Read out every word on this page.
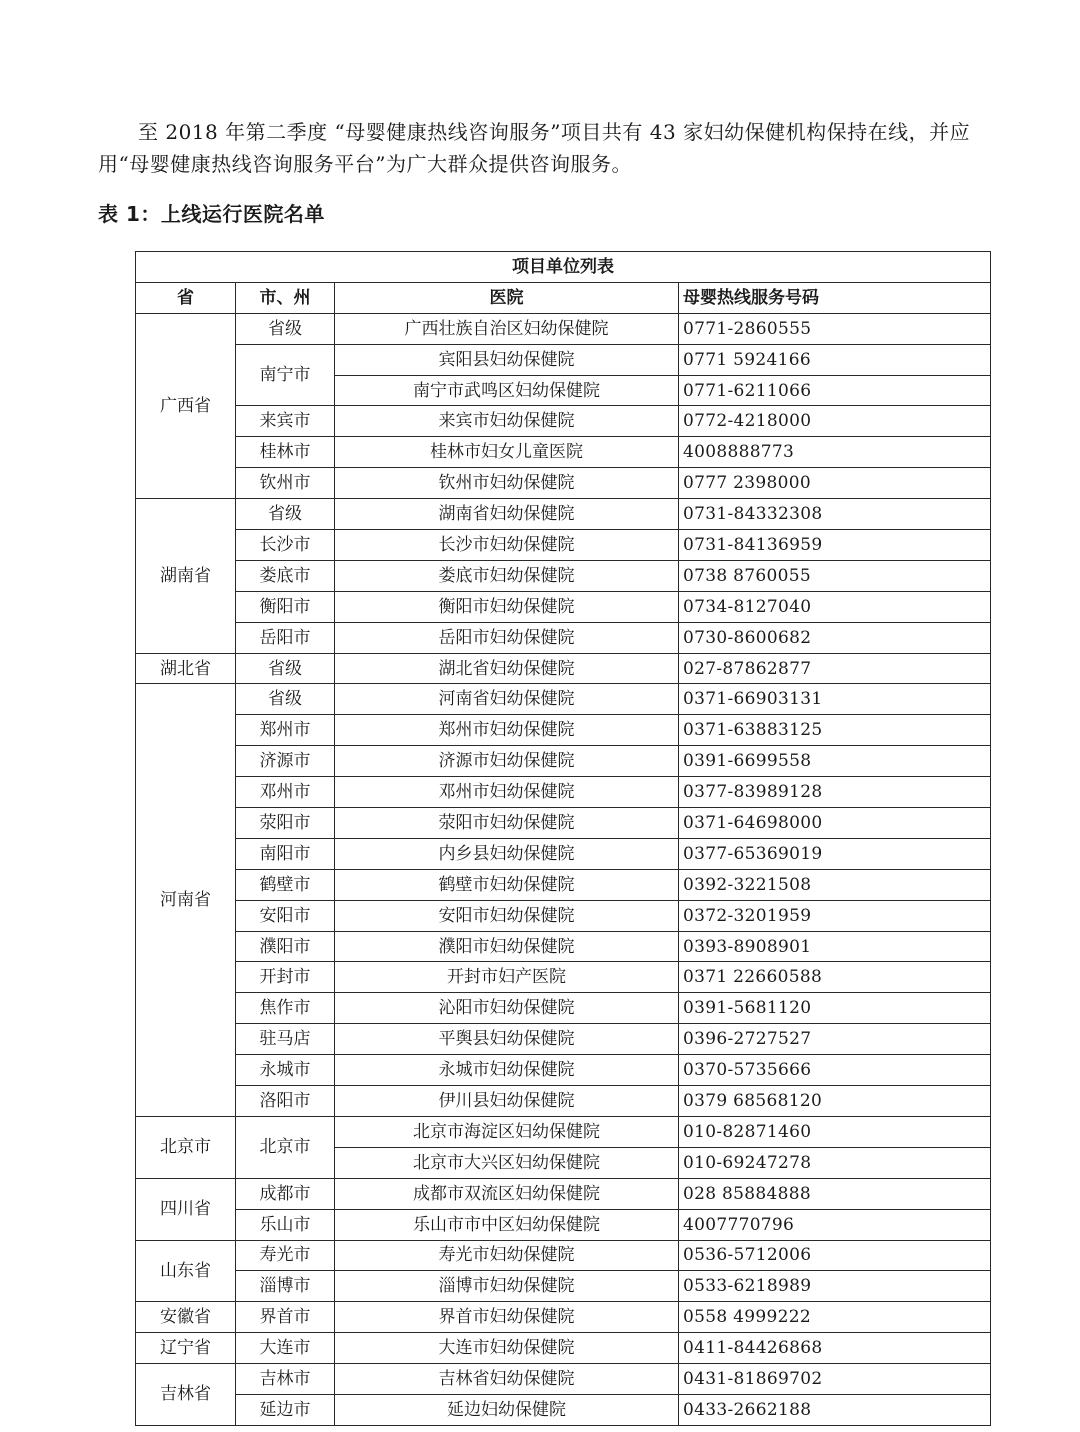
至 2018 年第二季度 “母婴健康热线咨询服务”项目共有 43 家妇幼保健机构保持在线，并应用“母婴健康热线咨询服务平台”为广大群众提供咨询服务。

表 1：上线运行医院名单

项目单位列表			
省	市、州	医院	母婴热线服务号码
广西省	省级	广西壮族自治区妇幼保健院	0771-2860555
	南宁市	宾阳县妇幼保健院	0771 5924166
		南宁市武鸣区妇幼保健院	0771-6211066
	来宾市	来宾市妇幼保健院	0772-4218000
	桂林市	桂林市妇女儿童医院	4008888773
	钦州市	钦州市妇幼保健院	0777 2398000
湖南省	省级	湖南省妇幼保健院	0731-84332308
	长沙市	长沙市妇幼保健院	0731-84136959
	娄底市	娄底市妇幼保健院	0738 8760055
	衡阳市	衡阳市妇幼保健院	0734-8127040
	岳阳市	岳阳市妇幼保健院	0730-8600682
湖北省	省级	湖北省妇幼保健院	027-87862877
河南省	省级	河南省妇幼保健院	0371-66903131
	郑州市	郑州市妇幼保健院	0371-63883125
	济源市	济源市妇幼保健院	0391-6699558
	邓州市	邓州市妇幼保健院	0377-83989128
	荥阳市	荥阳市妇幼保健院	0371-64698000
	南阳市	内乡县妇幼保健院	0377-65369019
	鹤壁市	鹤壁市妇幼保健院	0392-3221508
	安阳市	安阳市妇幼保健院	0372-3201959
	濮阳市	濮阳市妇幼保健院	0393-8908901
	开封市	开封市妇产医院	0371 22660588
	焦作市	沁阳市妇幼保健院	0391-5681120
	驻马店	平舆县妇幼保健院	0396-2727527
	永城市	永城市妇幼保健院	0370-5735666
	洛阳市	伊川县妇幼保健院	0379 68568120
北京市	北京市	北京市海淀区妇幼保健院	010-82871460
		北京市大兴区妇幼保健院	010-69247278
四川省	成都市	成都市双流区妇幼保健院	028 85884888
	乐山市	乐山市市中区妇幼保健院	4007770796
山东省	寿光市	寿光市妇幼保健院	0536-5712006
	淄博市	淄博市妇幼保健院	0533-6218989
安徽省	界首市	界首市妇幼保健院	0558 4999222
辽宁省	大连市	大连市妇幼保健院	0411-84426868
吉林省	吉林市	吉林省妇幼保健院	0431-81869702
	延边市	延边妇幼保健院	0433-2662188
